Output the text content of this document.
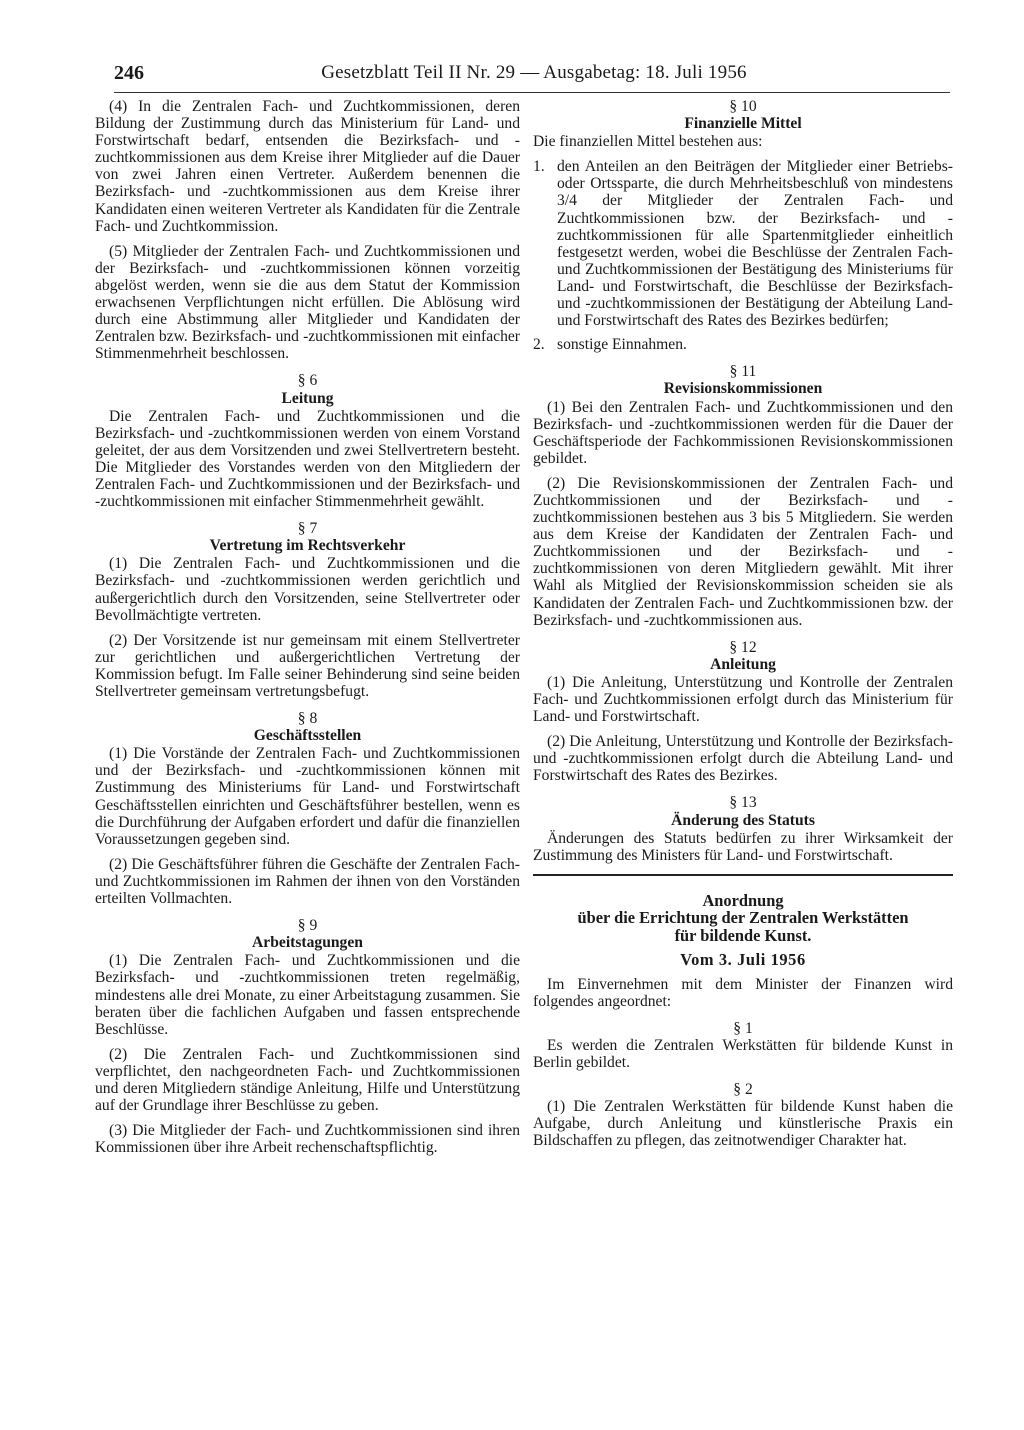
246	Gesetzblatt Teil II Nr. 29 — Ausgabetag: 18. Juli 1956

(4) In die Zentralen Fach- und Zuchtkommissionen, deren Bildung der Zustimmung durch das Ministerium für Land- und Forstwirtschaft bedarf, entsenden die Bezirksfach- und -zuchtkommissionen aus dem Kreise ihrer Mitglieder auf die Dauer von zwei Jahren einen Vertreter. Außerdem benennen die Bezirksfach- und -zuchtkommissionen aus dem Kreise ihrer Kandidaten einen weiteren Vertreter als Kandidaten für die Zentrale Fach- und Zuchtkommission.

(5) Mitglieder der Zentralen Fach- und Zuchtkommissionen und der Bezirksfach- und -zuchtkommissionen können vorzeitig abgelöst werden, wenn sie die aus dem Statut der Kommission erwachsenen Verpflichtungen nicht erfüllen. Die Ablösung wird durch eine Abstimmung aller Mitglieder und Kandidaten der Zentralen bzw. Bezirksfach- und -zuchtkommissionen mit einfacher Stimmenmehrheit beschlossen.

§ 6
Leitung

Die Zentralen Fach- und Zuchtkommissionen und die Bezirksfach- und -zuchtkommissionen werden von einem Vorstand geleitet, der aus dem Vorsitzenden und zwei Stellvertretern besteht. Die Mitglieder des Vorstandes werden von den Mitgliedern der Zentralen Fach- und Zuchtkommissionen und der Bezirksfach- und -zuchtkommissionen mit einfacher Stimmenmehrheit gewählt.

§ 7
Vertretung im Rechtsverkehr

(1) Die Zentralen Fach- und Zuchtkommissionen und die Bezirksfach- und -zuchtkommissionen werden gerichtlich und außergerichtlich durch den Vorsitzenden, seine Stellvertreter oder Bevollmächtigte vertreten.

(2) Der Vorsitzende ist nur gemeinsam mit einem Stellvertreter zur gerichtlichen und außergerichtlichen Vertretung der Kommission befugt. Im Falle seiner Behinderung sind seine beiden Stellvertreter gemeinsam vertretungsbefugt.

§ 8
Geschäftsstellen

(1) Die Vorstände der Zentralen Fach- und Zuchtkommissionen und der Bezirksfach- und -zuchtkommissionen können mit Zustimmung des Ministeriums für Land- und Forstwirtschaft Geschäftsstellen einrichten und Geschäftsführer bestellen, wenn es die Durchführung der Aufgaben erfordert und dafür die finanziellen Voraussetzungen gegeben sind.

(2) Die Geschäftsführer führen die Geschäfte der Zentralen Fach- und Zuchtkommissionen im Rahmen der ihnen von den Vorständen erteilten Vollmachten.

§ 9
Arbeitstagungen

(1) Die Zentralen Fach- und Zuchtkommissionen und die Bezirksfach- und -zuchtkommissionen treten regelmäßig, mindestens alle drei Monate, zu einer Arbeitstagung zusammen. Sie beraten über die fachlichen Aufgaben und fassen entsprechende Beschlüsse.

(2) Die Zentralen Fach- und Zuchtkommissionen sind verpflichtet, den nachgeordneten Fach- und Zuchtkommissionen und deren Mitgliedern ständige Anleitung, Hilfe und Unterstützung auf der Grundlage ihrer Beschlüsse zu geben.

(3) Die Mitglieder der Fach- und Zuchtkommissionen sind ihren Kommissionen über ihre Arbeit rechenschaftspflichtig.

§ 10
Finanzielle Mittel

Die finanziellen Mittel bestehen aus:

1. den Anteilen an den Beiträgen der Mitglieder einer Betriebs- oder Ortssparte, die durch Mehrheitsbeschluß von mindestens 3/4 der Mitglieder der Zentralen Fach- und Zuchtkommissionen bzw. der Bezirksfach- und -zuchtkommissionen für alle Spartenmitglieder einheitlich festgesetzt werden, wobei die Beschlüsse der Zentralen Fach- und Zuchtkommissionen der Bestätigung des Ministeriums für Land- und Forstwirtschaft, die Beschlüsse der Bezirksfach- und -zuchtkommissionen der Bestätigung der Abteilung Land- und Forstwirtschaft des Rates des Bezirkes bedürfen;
2. sonstige Einnahmen.
§ 11
Revisionskommissionen

(1) Bei den Zentralen Fach- und Zuchtkommissionen und den Bezirksfach- und -zuchtkommissionen werden für die Dauer der Geschäftsperiode der Fachkommissionen Revisionskommissionen gebildet.

(2) Die Revisionskommissionen der Zentralen Fach- und Zuchtkommissionen und der Bezirksfach- und -zuchtkommissionen bestehen aus 3 bis 5 Mitgliedern. Sie werden aus dem Kreise der Kandidaten der Zentralen Fach- und Zuchtkommissionen und der Bezirksfach- und -zuchtkommissionen von deren Mitgliedern gewählt. Mit ihrer Wahl als Mitglied der Revisionskommission scheiden sie als Kandidaten der Zentralen Fach- und Zuchtkommissionen bzw. der Bezirksfach- und -zuchtkommissionen aus.

§ 12
Anleitung

(1) Die Anleitung, Unterstützung und Kontrolle der Zentralen Fach- und Zuchtkommissionen erfolgt durch das Ministerium für Land- und Forstwirtschaft.

(2) Die Anleitung, Unterstützung und Kontrolle der Bezirksfach- und -zuchtkommissionen erfolgt durch die Abteilung Land- und Forstwirtschaft des Rates des Bezirkes.

§ 13
Änderung des Statuts

Änderungen des Statuts bedürfen zu ihrer Wirksamkeit der Zustimmung des Ministers für Land- und Forstwirtschaft.

Anordnung
über die Errichtung der Zentralen Werkstätten
für bildende Kunst.
Vom 3. Juli 1956

Im Einvernehmen mit dem Minister der Finanzen wird folgendes angeordnet:

§ 1

Es werden die Zentralen Werkstätten für bildende Kunst in Berlin gebildet.

§ 2

(1) Die Zentralen Werkstätten für bildende Kunst haben die Aufgabe, durch Anleitung und künstlerische Praxis ein Bildschaffen zu pflegen, das zeitnotwendiger Charakter hat.
